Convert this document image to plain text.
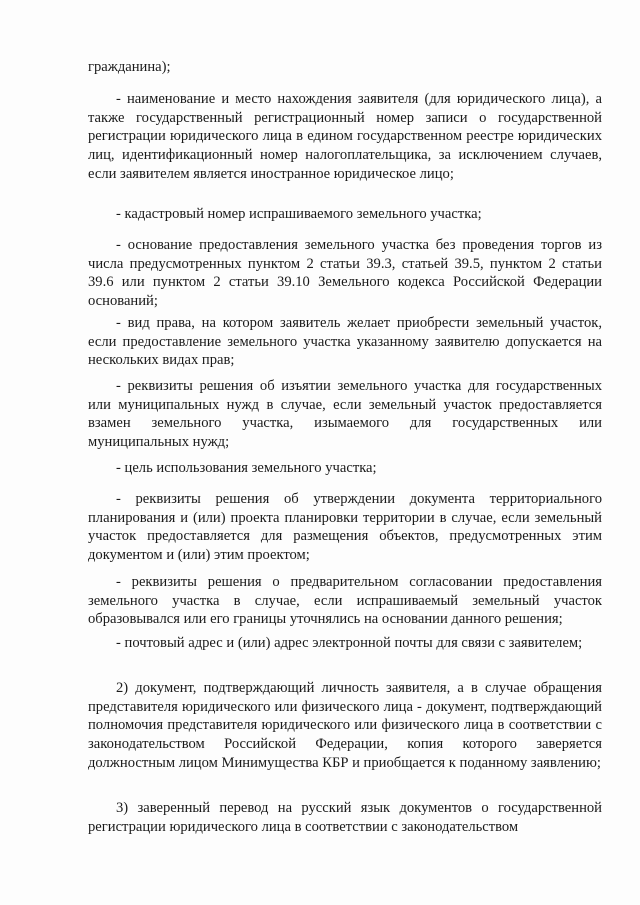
гражданина);

- наименование и место нахождения заявителя (для юридического лица), а также государственный регистрационный номер записи о государственной регистрации юридического лица в едином государственном реестре юридических лиц, идентификационный номер налогоплательщика, за исключением случаев, если заявителем является иностранное юридическое лицо;

- кадастровый номер испрашиваемого земельного участка;

- основание предоставления земельного участка без проведения торгов из числа предусмотренных пунктом 2 статьи 39.3, статьей 39.5, пунктом 2 статьи 39.6 или пунктом 2 статьи 39.10 Земельного кодекса Российской Федерации оснований;

- вид права, на котором заявитель желает приобрести земельный участок, если предоставление земельного участка указанному заявителю допускается на нескольких видах прав;

- реквизиты решения об изъятии земельного участка для государственных или муниципальных нужд в случае, если земельный участок предоставляется взамен земельного участка, изымаемого для государственных или муниципальных нужд;

- цель использования земельного участка;

- реквизиты решения об утверждении документа территориального планирования и (или) проекта планировки территории в случае, если земельный участок предоставляется для размещения объектов, предусмотренных этим документом и (или) этим проектом;

- реквизиты решения о предварительном согласовании предоставления земельного участка в случае, если испрашиваемый земельный участок образовывался или его границы уточнялись на основании данного решения;

- почтовый адрес и (или) адрес электронной почты для связи с заявителем;

2) документ, подтверждающий личность заявителя, а в случае обращения представителя юридического или физического лица - документ, подтверждающий полномочия представителя юридического или физического лица в соответствии с законодательством Российской Федерации, копия которого заверяется должностным лицом Минимущества КБР и приобщается к поданному заявлению;

3) заверенный перевод на русский язык документов о государственной регистрации юридического лица в соответствии с законодательством
